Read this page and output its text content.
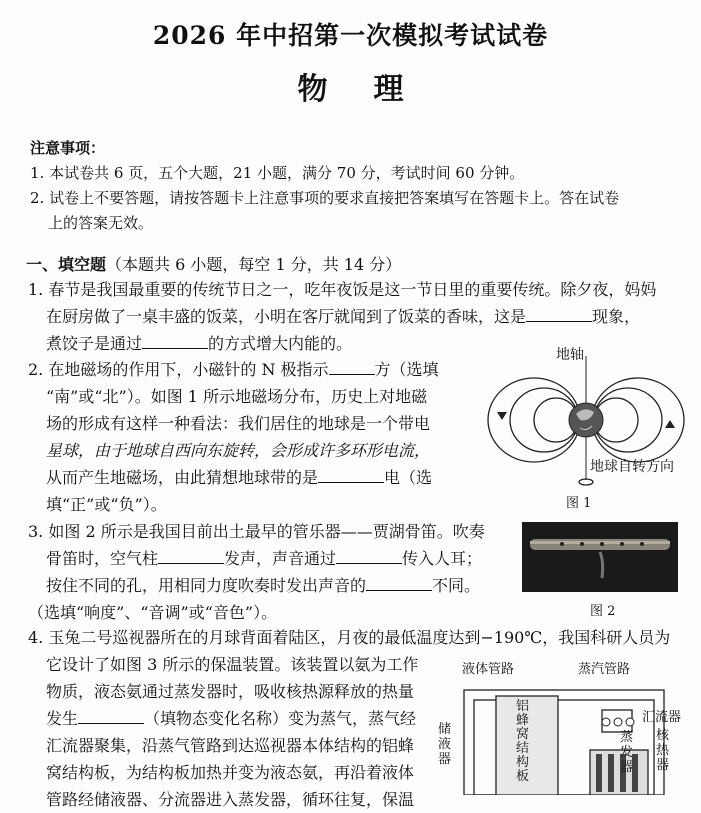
2026 年中招第一次模拟考试试卷
物理
注意事项：
1. 本试卷共 6 页，五个大题，21 小题，满分 70 分，考试时间 60 分钟。
2. 试卷上不要答题，请按答题卡上注意事项的要求直接把答案填写在答题卡上。答在试卷
上的答案无效。
一、填空题（本题共 6 小题，每空 1 分，共 14 分）
1. 春节是我国最重要的传统节日之一，吃年夜饭是这一节日里的重要传统。除夕夜，妈妈
在厨房做了一桌丰盛的饭菜，小明在客厅就闻到了饭菜的香味，这是	现象，
煮饺子是通过	的方式增大内能的。
2. 在地磁场的作用下，小磁针的 N 极指示	方（选填
“南”或“北”）。如图 1 所示地磁场分布，历史上对地磁
场的形成有这样一种看法：我们居住的地球是一个带电
星球，由于地球自西向东旋转，会形成许多环形电流，
从而产生地磁场，由此猜想地球带的是	电（选
填“正”或“负”）。
地轴
地球自转方向
图 1
3. 如图 2 所示是我国目前出土最早的管乐器——贾湖骨笛。吹奏
骨笛时，空气柱	发声，声音通过	传入人耳；
按住不同的孔，用相同力度吹奏时发出声音的	不同。
（选填“响度”、“音调”或“音色”）。	图 2
4. 玉兔二号巡视器所在的月球背面着陆区，月夜的最低温度达到−190℃，我国科研人员为
它设计了如图 3 所示的保温装置。该装置以氨为工作
物质，液态氨通过蒸发器时，吸收核热源释放的热量
发生	（填物态变化名称）变为蒸气，蒸气经
汇流器聚集，沿蒸气管路到达巡视器本体结构的铝蜂
窝结构板，为结构板加热并变为液态氨，再沿着液体
管路经储液器、分流器进入蒸发器，循环往复，保温
液体管路	蒸汽管路
储液器
铝蜂窝结构板
蒸发器
汇流器
核热器
